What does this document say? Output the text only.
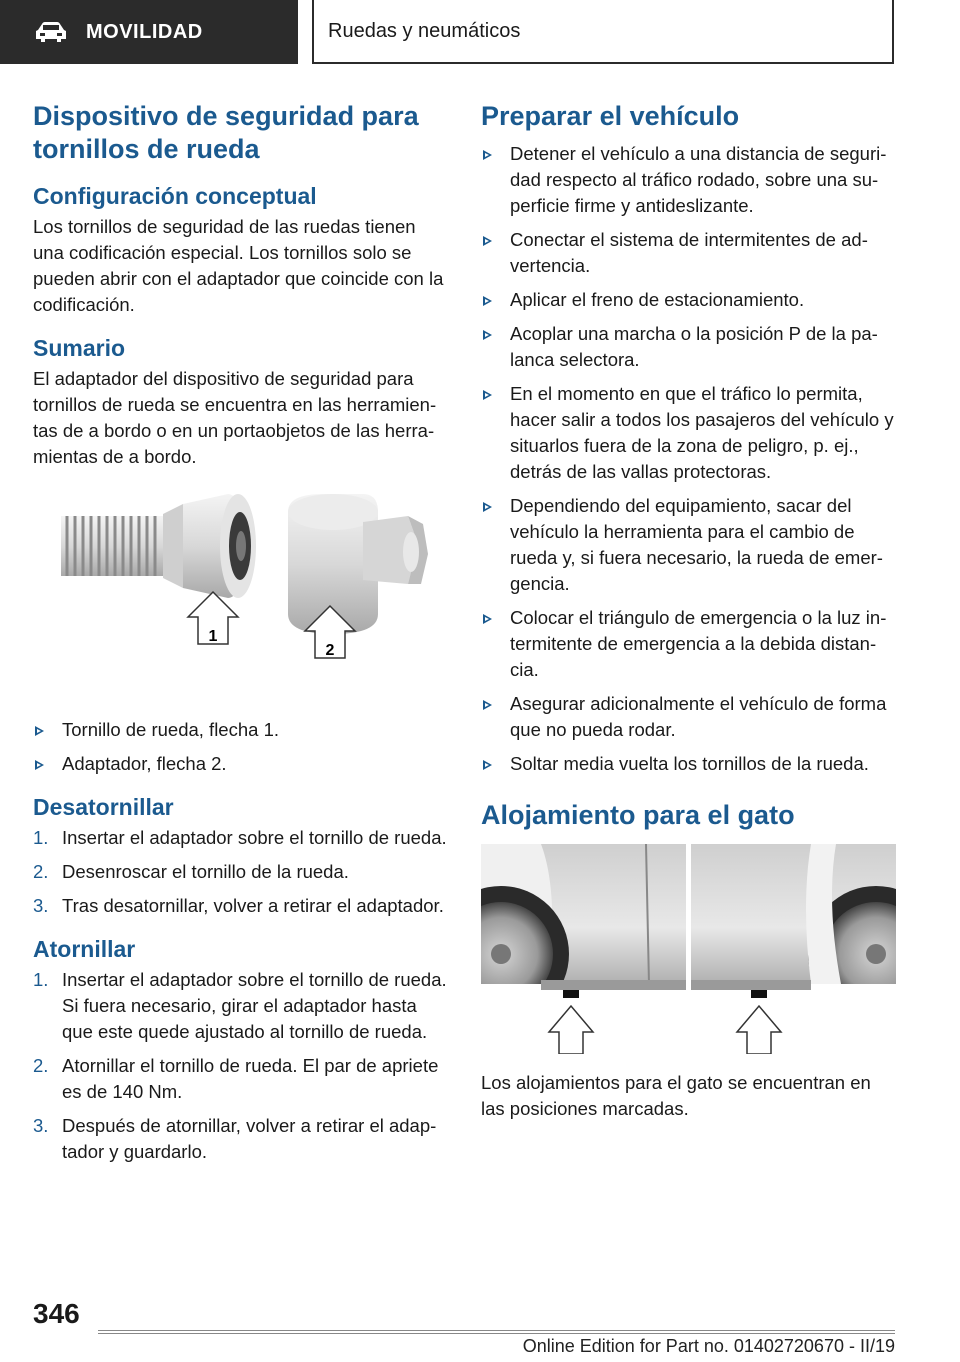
MOVILIDAD	Ruedas y neumáticos
Dispositivo de seguridad para tornillos de rueda
Configuración conceptual

Los tornillos de seguridad de las ruedas tienen una codificación especial. Los tornillos solo se pueden abrir con el adaptador que coincide con la codificación.

Sumario

El adaptador del dispositivo de seguridad para tornillos de rueda se encuentra en las herramientas de a bordo o en un portaobjetos de las herramientas de a bordo.

1
2
Tornillo de rueda, flecha 1.
Adaptador, flecha 2.
Desatornillar
1. Insertar el adaptador sobre el tornillo de rueda.
2. Desenroscar el tornillo de la rueda.
3. Tras desatornillar, volver a retirar el adaptador.
Atornillar
1. Insertar el adaptador sobre el tornillo de rueda. Si fuera necesario, girar el adaptador hasta que este quede ajustado al tornillo de rueda.
2. Atornillar el tornillo de rueda. El par de apriete es de 140 Nm.
3. Después de atornillar, volver a retirar el adaptador y guardarlo.
Preparar el vehículo
Detener el vehículo a una distancia de seguridad respecto al tráfico rodado, sobre una superficie firme y antideslizante.
Conectar el sistema de intermitentes de advertencia.
Aplicar el freno de estacionamiento.
Acoplar una marcha o la posición P de la palanca selectora.
En el momento en que el tráfico lo permita, hacer salir a todos los pasajeros del vehículo y situarlos fuera de la zona de peligro, p. ej., detrás de las vallas protectoras.
Dependiendo del equipamiento, sacar del vehículo la herramienta para el cambio de rueda y, si fuera necesario, la rueda de emergencia.
Colocar el triángulo de emergencia o la luz intermitente de emergencia a la debida distancia.
Asegurar adicionalmente el vehículo de forma que no pueda rodar.
Soltar media vuelta los tornillos de la rueda.
Alojamiento para el gato

Los alojamientos para el gato se encuentran en las posiciones marcadas.

346
Online Edition for Part no. 01402720670 - II/19
